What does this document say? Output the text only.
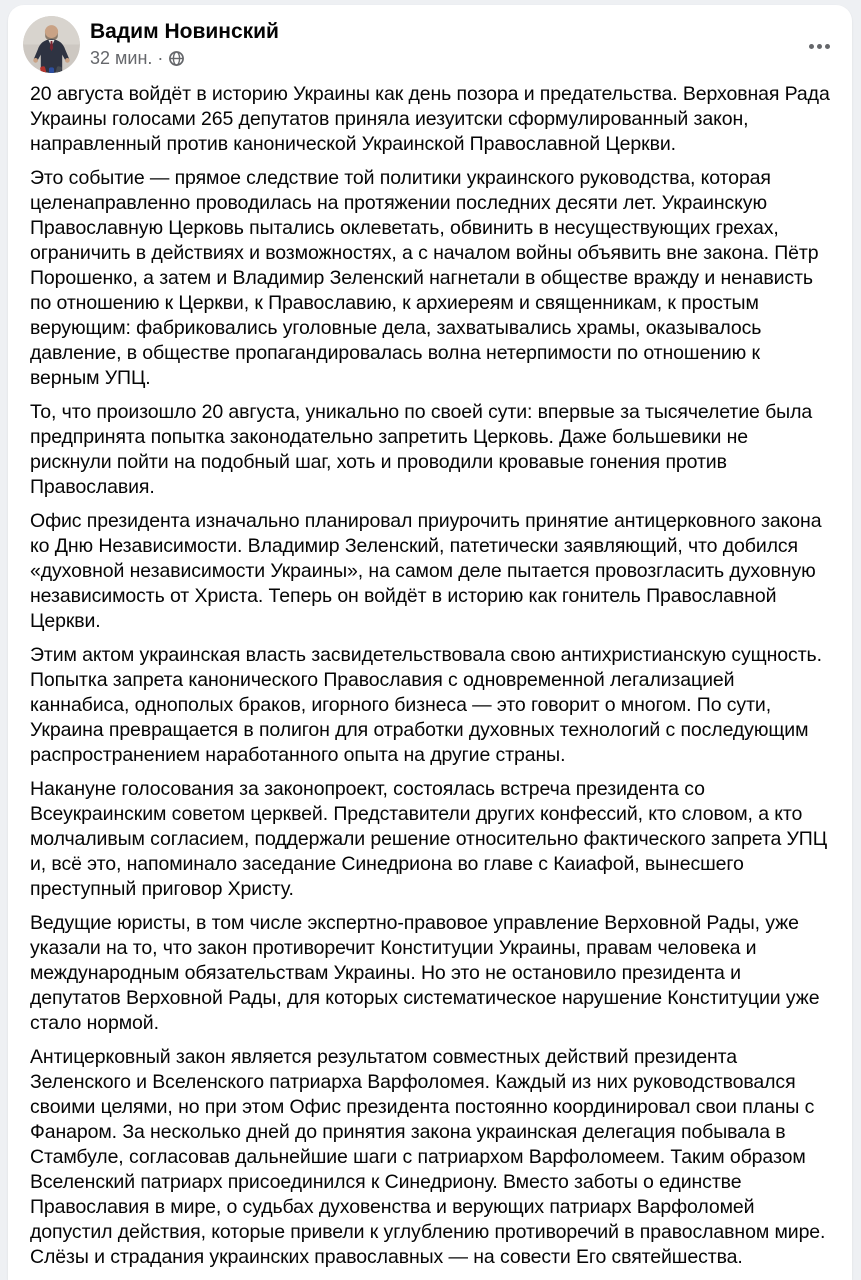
Вадим Новинский
32 мин. ·

20 августа войдёт в историю Украины как день позора и предательства. Верховная Рада Украины голосами 265 депутатов приняла иезуитски сформулированный закон, направленный против канонической Украинской Православной Церкви.

Это событие — прямое следствие той политики украинского руководства, которая целенаправленно проводилась на протяжении последних десяти лет. Украинскую Православную Церковь пытались оклеветать, обвинить в несуществующих грехах, ограничить в действиях и возможностях, а с началом войны объявить вне закона. Пётр Порошенко, а затем и Владимир Зеленский нагнетали в обществе вражду и ненависть по отношению к Церкви, к Православию, к архиереям и священникам, к простым верующим: фабриковались уголовные дела, захватывались храмы, оказывалось давление, в обществе пропагандировалась волна нетерпимости по отношению к верным УПЦ.

То, что произошло 20 августа, уникально по своей сути: впервые за тысячелетие была предпринята попытка законодательно запретить Церковь. Даже большевики не рискнули пойти на подобный шаг, хоть и проводили кровавые гонения против Православия.

Офис президента изначально планировал приурочить принятие антицерковного закона ко Дню Независимости. Владимир Зеленский, патетически заявляющий, что добился «духовной независимости Украины», на самом деле пытается провозгласить духовную независимость от Христа. Теперь он войдёт в историю как гонитель Православной Церкви.

Этим актом украинская власть засвидетельствовала свою антихристианскую сущность. Попытка запрета канонического Православия с одновременной легализацией каннабиса, однополых браков, игорного бизнеса — это говорит о многом. По сути, Украина превращается в полигон для отработки духовных технологий с последующим распространением наработанного опыта на другие страны.

Накануне голосования за законопроект, состоялась встреча президента со Всеукраинским советом церквей. Представители других конфессий, кто словом, а кто молчаливым согласием, поддержали решение относительно фактического запрета УПЦ и, всё это, напоминало заседание Синедриона во главе с Каиафой, вынесшего преступный приговор Христу.

Ведущие юристы, в том числе экспертно-правовое управление Верховной Рады, уже указали на то, что закон противоречит Конституции Украины, правам человека и международным обязательствам Украины. Но это не остановило президента и депутатов Верховной Рады, для которых систематическое нарушение Конституции уже стало нормой.

Антицерковный закон является результатом совместных действий президента Зеленского и Вселенского патриарха Варфоломея. Каждый из них руководствовался своими целями, но при этом Офис президента постоянно координировал свои планы с Фанаром. За несколько дней до принятия закона украинская делегация побывала в Стамбуле, согласовав дальнейшие шаги с патриархом Варфоломеем. Таким образом Вселенский патриарх присоединился к Синедриону. Вместо заботы о единстве Православия в мире, о судьбах духовенства и верующих патриарх Варфоломей допустил действия, которые привели к углублению противоречий в православном мире. Слёзы и страдания украинских православных — на совести Его святейшества.
